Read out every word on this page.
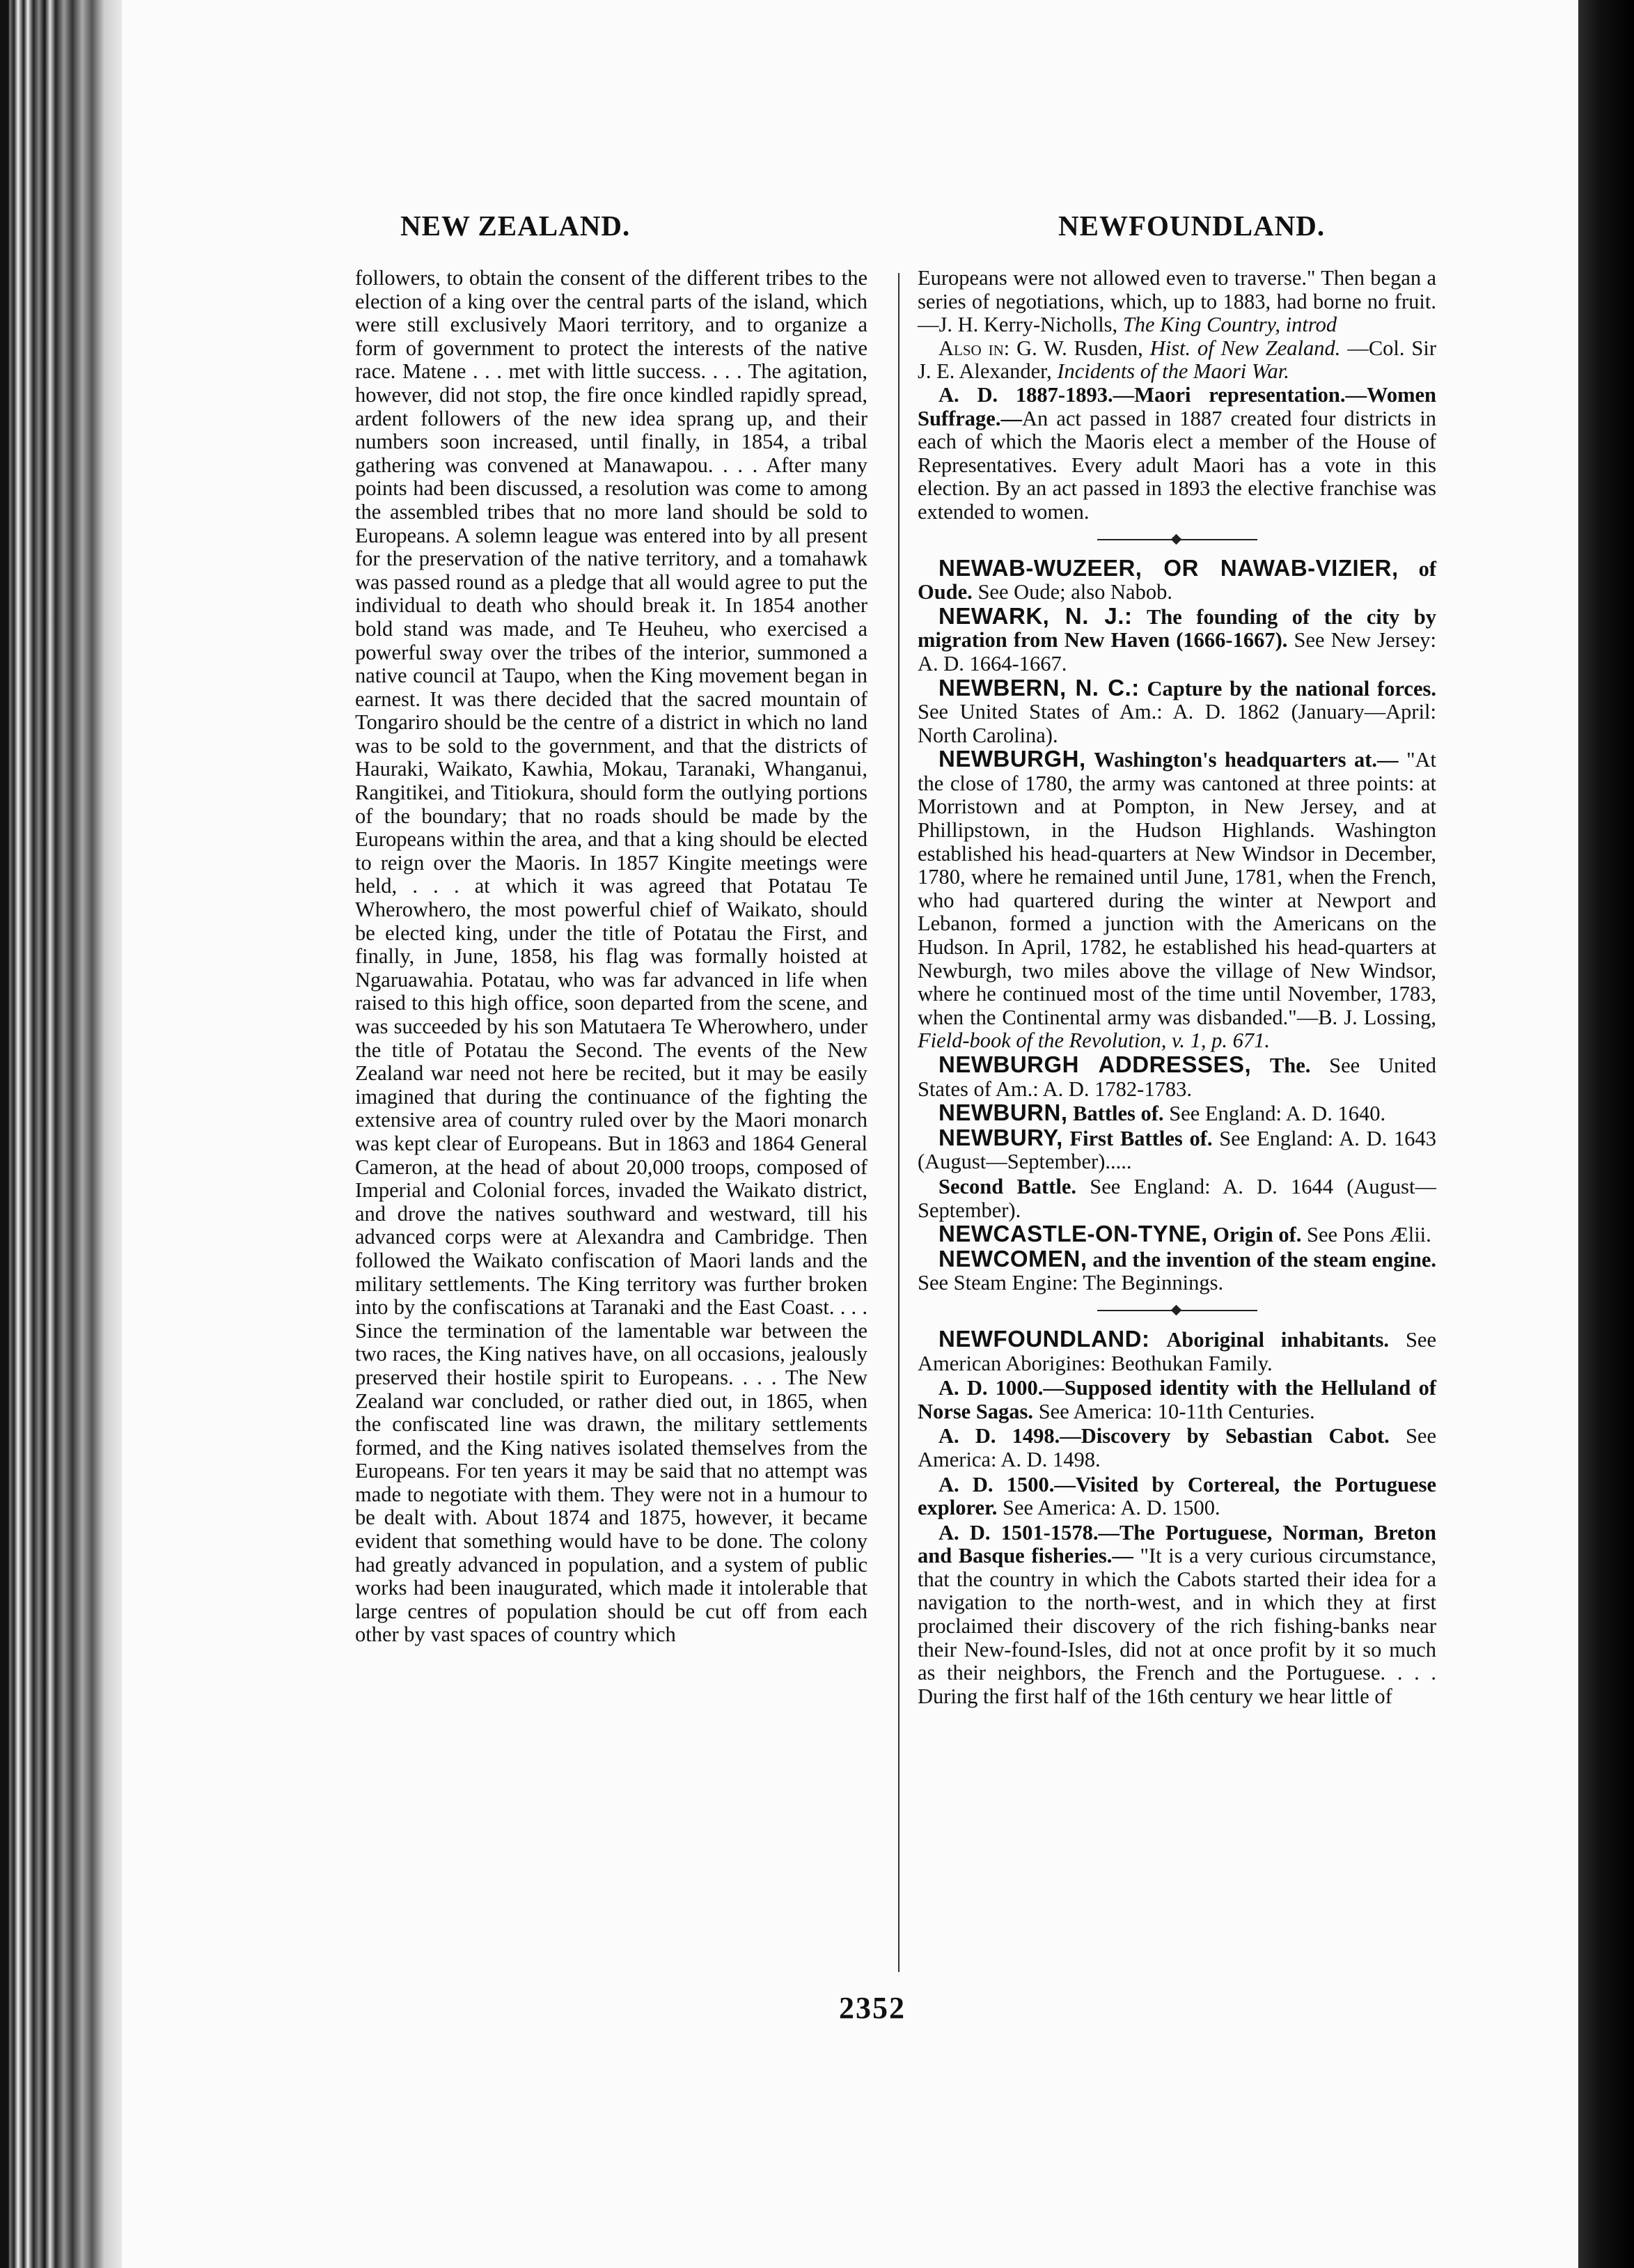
NEW ZEALAND.	NEWFOUNDLAND.

followers, to obtain the consent of the different tribes to the election of a king over the central parts of the island, which were still exclusively Maori territory, and to organize a form of government to protect the interests of the native race. Matene . . . met with little success. . . . The agitation, however, did not stop, the fire once kindled rapidly spread, ardent followers of the new idea sprang up, and their numbers soon increased, until finally, in 1854, a tribal gathering was convened at Manawapou. . . . After many points had been discussed, a resolution was come to among the assembled tribes that no more land should be sold to Europeans. A solemn league was entered into by all present for the preservation of the native territory, and a tomahawk was passed round as a pledge that all would agree to put the individual to death who should break it. In 1854 another bold stand was made, and Te Heuheu, who exercised a powerful sway over the tribes of the interior, summoned a native council at Taupo, when the King movement began in earnest. It was there decided that the sacred mountain of Tongariro should be the centre of a district in which no land was to be sold to the government, and that the districts of Hauraki, Waikato, Kawhia, Mokau, Taranaki, Whanganui, Rangitikei, and Titiokura, should form the outlying portions of the boundary; that no roads should be made by the Europeans within the area, and that a king should be elected to reign over the Maoris. In 1857 Kingite meetings were held, . . . at which it was agreed that Potatau Te Wherowhero, the most powerful chief of Waikato, should be elected king, under the title of Potatau the First, and finally, in June, 1858, his flag was formally hoisted at Ngaruawahia. Potatau, who was far advanced in life when raised to this high office, soon departed from the scene, and was succeeded by his son Matutaera Te Wherowhero, under the title of Potatau the Second. The events of the New Zealand war need not here be recited, but it may be easily imagined that during the continuance of the fighting the extensive area of country ruled over by the Maori monarch was kept clear of Europeans. But in 1863 and 1864 General Cameron, at the head of about 20,000 troops, composed of Imperial and Colonial forces, invaded the Waikato district, and drove the natives southward and westward, till his advanced corps were at Alexandra and Cambridge. Then followed the Waikato confiscation of Maori lands and the military settlements. The King territory was further broken into by the confiscations at Taranaki and the East Coast. . . . Since the termination of the lamentable war between the two races, the King natives have, on all occasions, jealously preserved their hostile spirit to Europeans. . . . The New Zealand war concluded, or rather died out, in 1865, when the confiscated line was drawn, the military settlements formed, and the King natives isolated themselves from the Europeans. For ten years it may be said that no attempt was made to negotiate with them. They were not in a humour to be dealt with. About 1874 and 1875, however, it became evident that something would have to be done. The colony had greatly advanced in population, and a system of public works had been inaugurated, which made it intolerable that large centres of population should be cut off from each other by vast spaces of country which

Europeans were not allowed even to traverse." Then began a series of negotiations, which, up to 1883, had borne no fruit.—J. H. Kerry-Nicholls, The King Country, introd

Also in: G. W. Rusden, Hist. of New Zealand. —Col. Sir J. E. Alexander, Incidents of the Maori War.

A. D. 1887-1893.—Maori representation.—Women Suffrage.—An act passed in 1887 created four districts in each of which the Maoris elect a member of the House of Representatives. Every adult Maori has a vote in this election. By an act passed in 1893 the elective franchise was extended to women.

NEWAB-WUZEER, OR NAWAB-VIZIER, of Oude. See Oude; also Nabob.

NEWARK, N. J.: The founding of the city by migration from New Haven (1666-1667). See New Jersey: A. D. 1664-1667.

NEWBERN, N. C.: Capture by the national forces. See United States of Am.: A. D. 1862 (January—April: North Carolina).

NEWBURGH, Washington's headquarters at.— "At the close of 1780, the army was cantoned at three points: at Morristown and at Pompton, in New Jersey, and at Phillipstown, in the Hudson Highlands. Washington established his head-quarters at New Windsor in December, 1780, where he remained until June, 1781, when the French, who had quartered during the winter at Newport and Lebanon, formed a junction with the Americans on the Hudson. In April, 1782, he established his head-quarters at Newburgh, two miles above the village of New Windsor, where he continued most of the time until November, 1783, when the Continental army was disbanded."—B. J. Lossing, Field-book of the Revolution, v. 1, p. 671.

NEWBURGH ADDRESSES, The. See United States of Am.: A. D. 1782-1783.

NEWBURN, Battles of. See England: A. D. 1640.

NEWBURY, First Battles of. See England: A. D. 1643 (August—September).....

Second Battle. See England: A. D. 1644 (August—September).

NEWCASTLE-ON-TYNE, Origin of. See Pons Ælii.

NEWCOMEN, and the invention of the steam engine. See Steam Engine: The Beginnings.

NEWFOUNDLAND: Aboriginal inhabitants. See American Aborigines: Beothukan Family.

A. D. 1000.—Supposed identity with the Helluland of Norse Sagas. See America: 10-11th Centuries.

A. D. 1498.—Discovery by Sebastian Cabot. See America: A. D. 1498.

A. D. 1500.—Visited by Cortereal, the Portuguese explorer. See America: A. D. 1500.

A. D. 1501-1578.—The Portuguese, Norman, Breton and Basque fisheries.— "It is a very curious circumstance, that the country in which the Cabots started their idea for a navigation to the north-west, and in which they at first proclaimed their discovery of the rich fishing-banks near their New-found-Isles, did not at once profit by it so much as their neighbors, the French and the Portuguese. . . . During the first half of the 16th century we hear little of

2352
